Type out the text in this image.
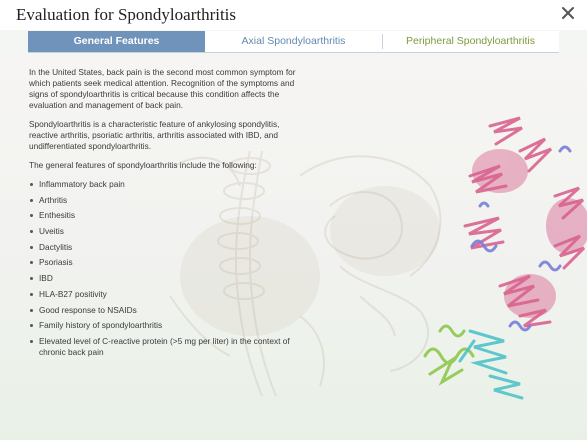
Evaluation for Spondyloarthritis
General Features	Axial Spondyloarthritis	Peripheral Spondyloarthritis

In the United States, back pain is the second most common symptom for which patients seek medical attention. Recognition of the symptoms and signs of spondyloarthritis is critical because this condition affects the evaluation and management of back pain.

Spondyloarthritis is a characteristic feature of ankylosing spondylitis, reactive arthritis, psoriatic arthritis, arthritis associated with IBD, and undifferentiated spondyloarthritis.

The general features of spondyloarthritis include the following:

Inflammatory back pain
Arthritis
Enthesitis
Uveitis
Dactylitis
Psoriasis
IBD
HLA-B27 positivity
Good response to NSAIDs
Family history of spondyloarthritis
Elevated level of C-reactive protein (>5 mg per liter) in the context of chronic back pain
